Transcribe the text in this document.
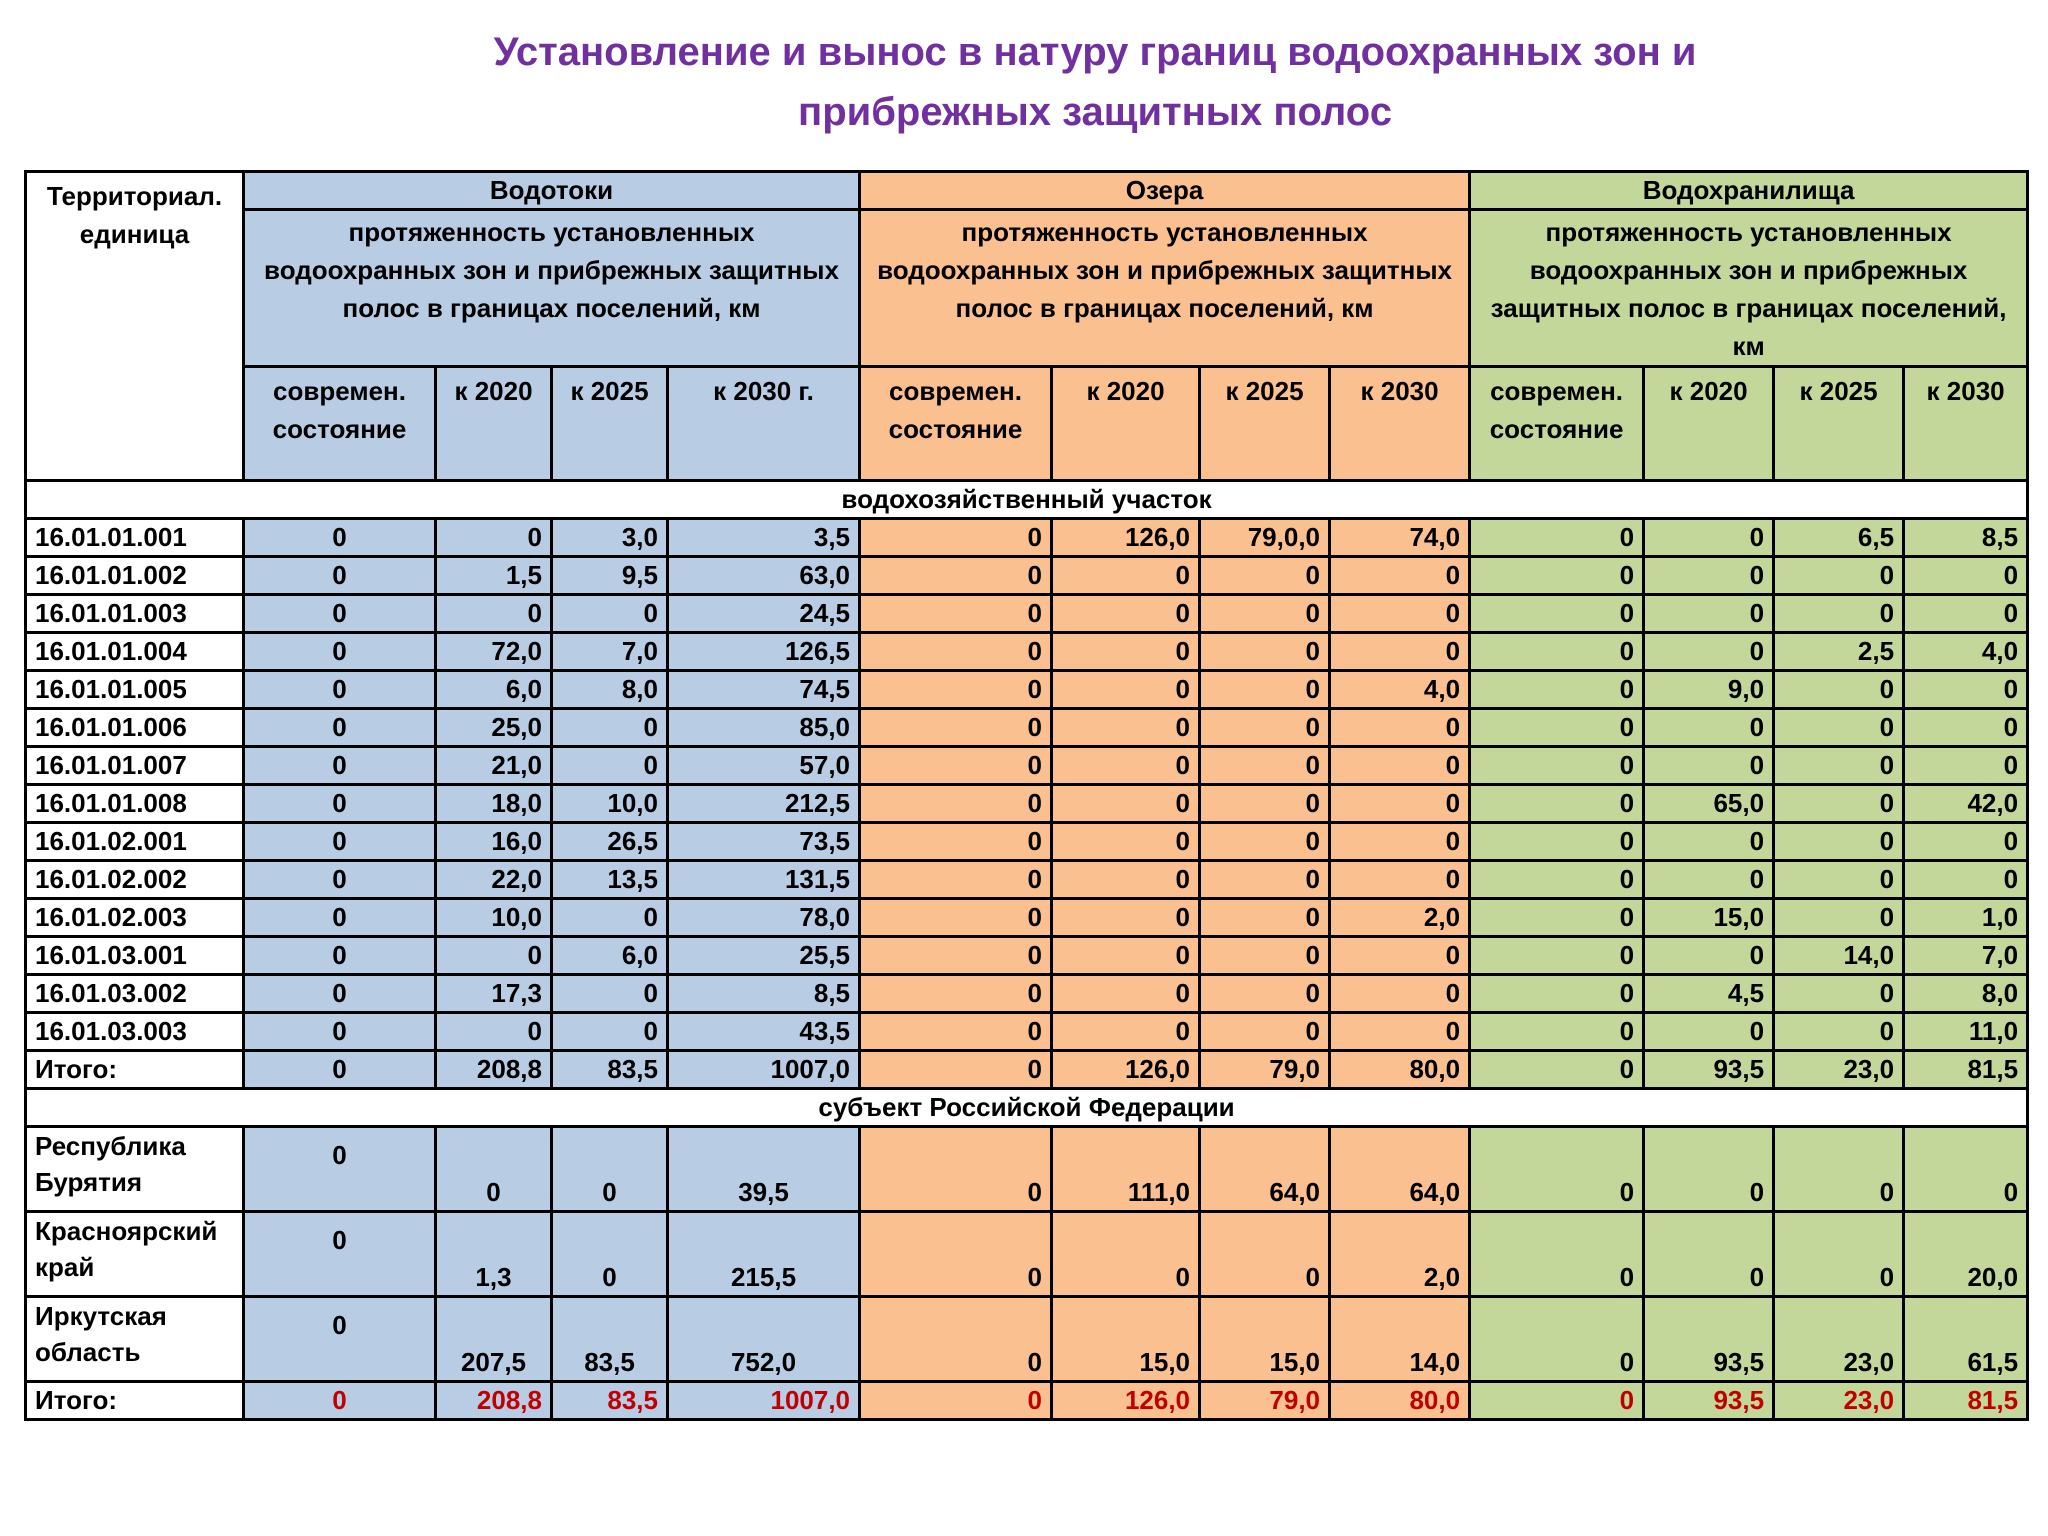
Установление и вынос в натуру границ водоохранных зон и
прибрежных защитных полос
Территориал. единица	Водотоки				Озера				Водохранилища			
	протяженность установленных водоохранных зон и прибрежных защитных полос в границах поселений, км				протяженность установленных водоохранных зон и прибрежных защитных полос в границах поселений, км				протяженность установленных водоохранных зон и прибрежных защитных полос в границах поселений, км			
	современ. состояние	к 2020	к 2025	к 2030 г.	современ. состояние	к 2020	к 2025	к 2030	современ. состояние	к 2020	к 2025	к 2030
водохозяйственный участок												
16.01.01.001	0	0	3,0	3,5	0	126,0	79,0,0	74,0	0	0	6,5	8,5
16.01.01.002	0	1,5	9,5	63,0	0	0	0	0	0	0	0	0
16.01.01.003	0	0	0	24,5	0	0	0	0	0	0	0	0
16.01.01.004	0	72,0	7,0	126,5	0	0	0	0	0	0	2,5	4,0
16.01.01.005	0	6,0	8,0	74,5	0	0	0	4,0	0	9,0	0	0
16.01.01.006	0	25,0	0	85,0	0	0	0	0	0	0	0	0
16.01.01.007	0	21,0	0	57,0	0	0	0	0	0	0	0	0
16.01.01.008	0	18,0	10,0	212,5	0	0	0	0	0	65,0	0	42,0
16.01.02.001	0	16,0	26,5	73,5	0	0	0	0	0	0	0	0
16.01.02.002	0	22,0	13,5	131,5	0	0	0	0	0	0	0	0
16.01.02.003	0	10,0	0	78,0	0	0	0	2,0	0	15,0	0	1,0
16.01.03.001	0	0	6,0	25,5	0	0	0	0	0	0	14,0	7,0
16.01.03.002	0	17,3	0	8,5	0	0	0	0	0	4,5	0	8,0
16.01.03.003	0	0	0	43,5	0	0	0	0	0	0	0	11,0
Итого:	0	208,8	83,5	1007,0	0	126,0	79,0	80,0	0	93,5	23,0	81,5
субъект Российской Федерации												
Республика Бурятия	0	0	0	39,5	0	111,0	64,0	64,0	0	0	0	0
Красноярский край	0	1,3	0	215,5	0	0	0	2,0	0	0	0	20,0
Иркутская область	0	207,5	83,5	752,0	0	15,0	15,0	14,0	0	93,5	23,0	61,5
Итого:	0	208,8	83,5	1007,0	0	126,0	79,0	80,0	0	93,5	23,0	81,5
